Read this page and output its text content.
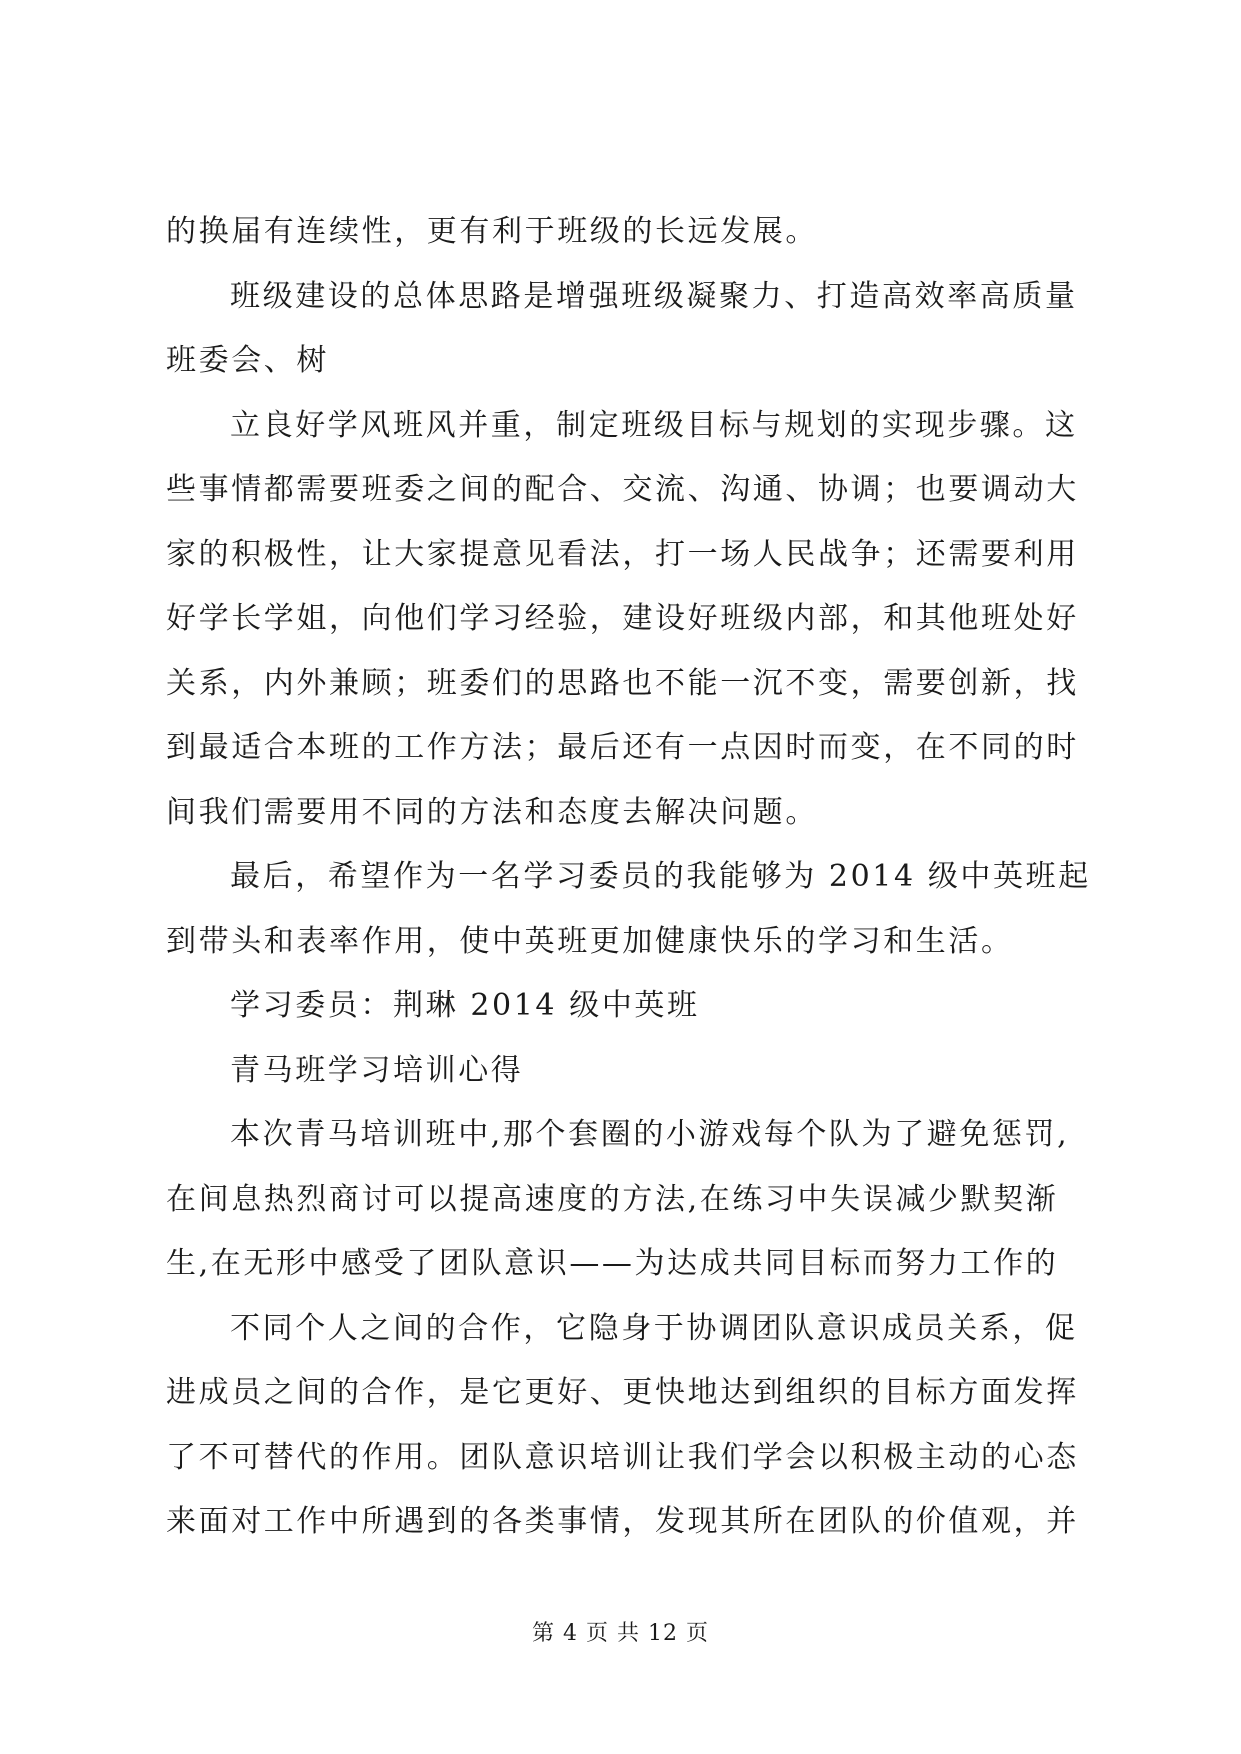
的换届有连续性，更有利于班级的长远发展。
班级建设的总体思路是增强班级凝聚力、打造高效率高质量
班委会、树
立良好学风班风并重，制定班级目标与规划的实现步骤。这
些事情都需要班委之间的配合、交流、沟通、协调；也要调动大
家的积极性，让大家提意见看法，打一场人民战争；还需要利用
好学长学姐，向他们学习经验，建设好班级内部，和其他班处好
关系，内外兼顾；班委们的思路也不能一沉不变，需要创新，找
到最适合本班的工作方法；最后还有一点因时而变，在不同的时
间我们需要用不同的方法和态度去解决问题。
最后，希望作为一名学习委员的我能够为 2014 级中英班起
到带头和表率作用，使中英班更加健康快乐的学习和生活。
学习委员：荆琳 2014 级中英班
青马班学习培训心得
本次青马培训班中,那个套圈的小游戏每个队为了避免惩罚,
在间息热烈商讨可以提高速度的方法,在练习中失误减少默契渐
生,在无形中感受了团队意识——为达成共同目标而努力工作的
不同个人之间的合作，它隐身于协调团队意识成员关系，促
进成员之间的合作，是它更好、更快地达到组织的目标方面发挥
了不可替代的作用。团队意识培训让我们学会以积极主动的心态
来面对工作中所遇到的各类事情，发现其所在团队的价值观，并
第 4 页 共 12 页
